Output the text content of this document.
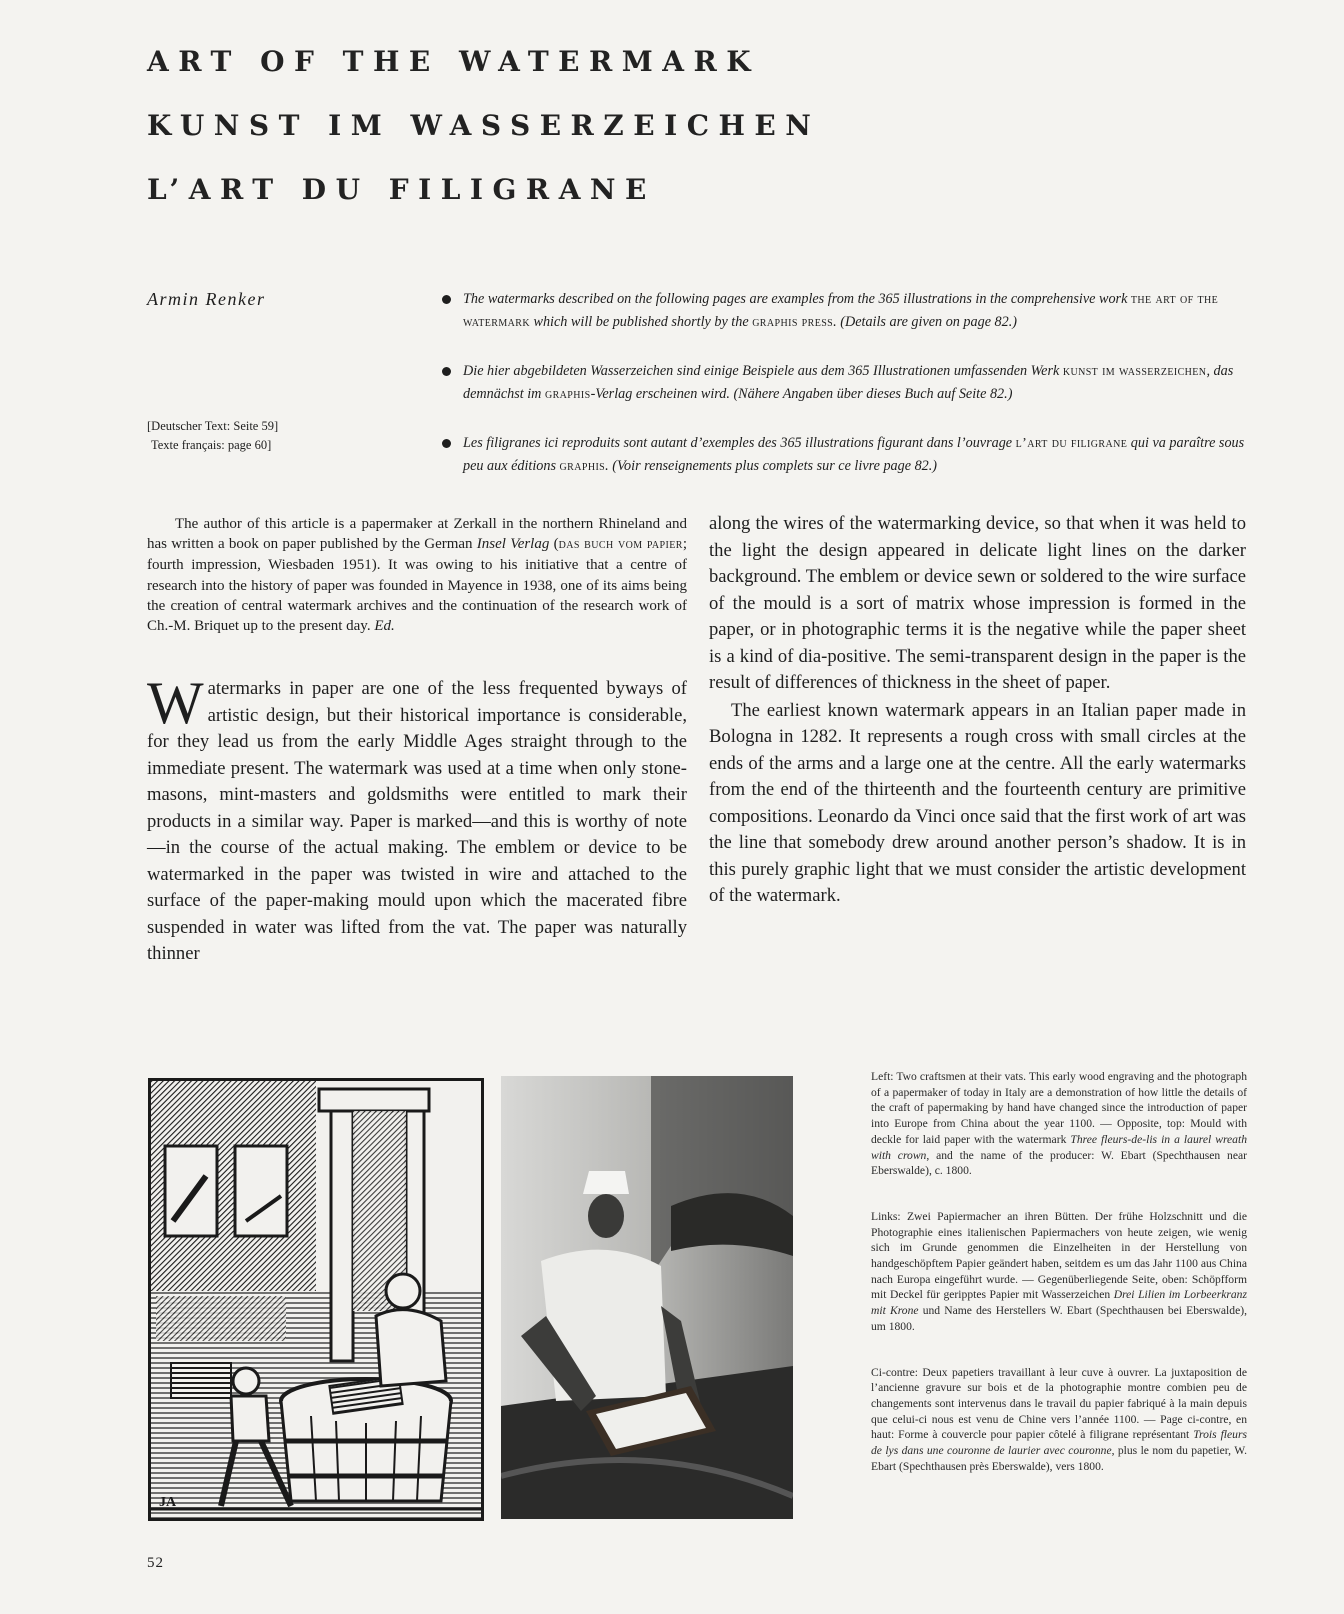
ART OF THE WATERMARK
KUNST IM WASSERZEICHEN
L’ART DU FILIGRANE
Armin Renker
[Deutscher Text: Seite 59]
Texte français: page 60]
The watermarks described on the following pages are examples from the 365 illustrations in the comprehensive work the art of the watermark which will be published shortly by the graphis press. (Details are given on page 82.)
Die hier abgebildeten Wasserzeichen sind einige Beispiele aus dem 365 Illustrationen umfassenden Werk kunst im wasserzeichen, das demnächst im graphis-Verlag erscheinen wird. (Nähere Angaben über dieses Buch auf Seite 82.)
Les filigranes ici reproduits sont autant d’exemples des 365 illustrations figurant dans l’ouvrage l’art du filigrane qui va paraître sous peu aux éditions graphis. (Voir renseignements plus complets sur ce livre page 82.)
The author of this article is a papermaker at Zerkall in the northern Rhineland and has written a book on paper published by the German Insel Verlag (das buch vom papier; fourth impression, Wiesbaden 1951). It was owing to his initiative that a centre of research into the history of paper was founded in Mayence in 1938, one of its aims being the creation of central watermark archives and the continuation of the research work of Ch.-M. Briquet up to the present day. Ed.
Watermarks in paper are one of the less frequented byways of artistic design, but their historical importance is considerable, for they lead us from the early Middle Ages straight through to the immediate present. The watermark was used at a time when only stone-masons, mint-masters and goldsmiths were entitled to mark their products in a similar way. Paper is marked—and this is worthy of note—in the course of the actual making. The emblem or device to be watermarked in the paper was twisted in wire and attached to the surface of the paper-making mould upon which the macerated fibre suspended in water was lifted from the vat. The paper was naturally thinner

along the wires of the watermarking device, so that when it was held to the light the design appeared in delicate light lines on the darker background. The emblem or device sewn or soldered to the wire surface of the mould is a sort of matrix whose impression is formed in the paper, or in photographic terms it is the negative while the paper sheet is a kind of dia-positive. The semi-transparent design in the paper is the result of differences of thickness in the sheet of paper.

The earliest known watermark appears in an Italian paper made in Bologna in 1282. It represents a rough cross with small circles at the ends of the arms and a large one at the centre. All the early watermarks from the end of the thirteenth and the fourteenth century are primitive compositions. Leonardo da Vinci once said that the first work of art was the line that somebody drew around another person’s shadow. It is in this purely graphic light that we must consider the artistic development of the watermark.

JA
Left: Two craftsmen at their vats. This early wood engraving and the photograph of a papermaker of today in Italy are a demonstration of how little the details of the craft of papermaking by hand have changed since the introduction of paper into Europe from China about the year 1100. — Opposite, top: Mould with deckle for laid paper with the watermark Three fleurs-de-lis in a laurel wreath with crown, and the name of the producer: W. Ebart (Spechthausen near Eberswalde), c. 1800.
Links: Zwei Papiermacher an ihren Bütten. Der frühe Holzschnitt und die Photographie eines italienischen Papiermachers von heute zeigen, wie wenig sich im Grunde genommen die Einzelheiten in der Herstellung von handgeschöpftem Papier geändert haben, seitdem es um das Jahr 1100 aus China nach Europa eingeführt wurde. — Gegenüberliegende Seite, oben: Schöpfform mit Deckel für geripptes Papier mit Wasserzeichen Drei Lilien im Lorbeerkranz mit Krone und Name des Herstellers W. Ebart (Spechthausen bei Eberswalde), um 1800.
Ci-contre: Deux papetiers travaillant à leur cuve à ouvrer. La juxtaposition de l’ancienne gravure sur bois et de la photographie montre combien peu de changements sont intervenus dans le travail du papier fabriqué à la main depuis que celui-ci nous est venu de Chine vers l’année 1100. — Page ci-contre, en haut: Forme à couvercle pour papier côtelé à filigrane représentant Trois fleurs de lys dans une couronne de laurier avec couronne, plus le nom du papetier, W. Ebart (Spechthausen près Eberswalde), vers 1800.
52
